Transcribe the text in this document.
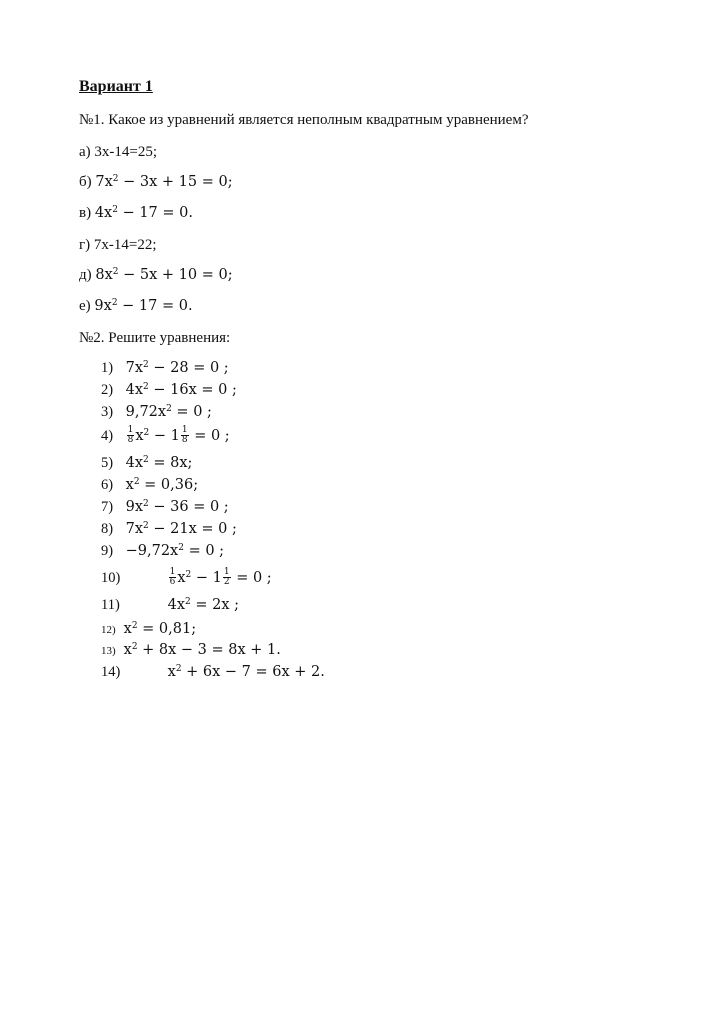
Вариант 1
№1. Какое из уравнений является неполным квадратным уравнением?
а) 3x-14=25;
б) $7x^2 - 3x + 15 = 0$;
в) $4x^2 - 17 = 0$.
г) 7x-14=22;
д) $8x^2 - 5x + 10 = 0$;
е) $9x^2 - 17 = 0$.
№2. Решите уравнения:
1) $7x^2 - 28 = 0$ ;
2) $4x^2 - 16x = 0$ ;
3) $9,72x^2 = 0$ ;
$4) \frac{1}{8} x^2 - 1 \frac{1}{8} = 0$ ;
5) $4x^2 = 8x$;
6) $x^2 = 0,36$;
7) $9x^2 - 36 = 0$ ;
8) $7x^2 - 21x = 0$ ;
$9) -9,72x^2 = 0$ ;
10)	$\frac{1}{6} x^2 - 1 \frac{1}{2} = 0$ ;
11)	$4x^2 = 2x$ ;
12) $x^2 = 0,81$;
13) $x^2 + 8x - 3 = 8x + 1$.
14)	$x^2 + 6x - 7 = 6x + 2$.
